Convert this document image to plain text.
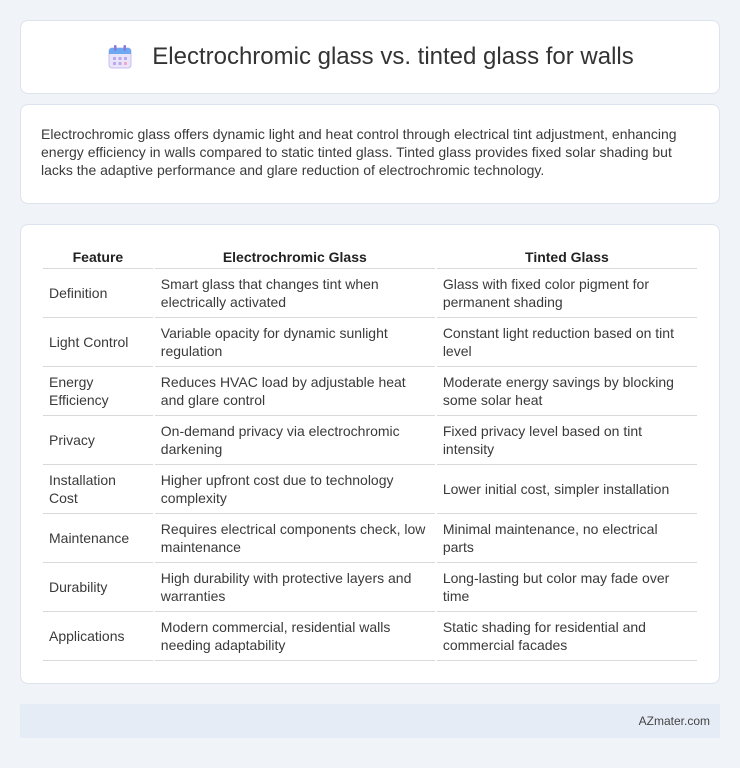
Electrochromic glass vs. tinted glass for walls

Electrochromic glass offers dynamic light and heat control through electrical tint adjustment, enhancing energy efficiency in walls compared to static tinted glass. Tinted glass provides fixed solar shading but lacks the adaptive performance and glare reduction of electrochromic technology.

Feature	Electrochromic Glass	Tinted Glass
Definition	Smart glass that changes tint when electrically activated	Glass with fixed color pigment for permanent shading
Light Control	Variable opacity for dynamic sunlight regulation	Constant light reduction based on tint level
Energy Efficiency	Reduces HVAC load by adjustable heat and glare control	Moderate energy savings by blocking some solar heat
Privacy	On-demand privacy via electrochromic darkening	Fixed privacy level based on tint intensity
Installation Cost	Higher upfront cost due to technology complexity	Lower initial cost, simpler installation
Maintenance	Requires electrical components check, low maintenance	Minimal maintenance, no electrical parts
Durability	High durability with protective layers and warranties	Long-lasting but color may fade over time
Applications	Modern commercial, residential walls needing adaptability	Static shading for residential and commercial facades
AZmater.com
